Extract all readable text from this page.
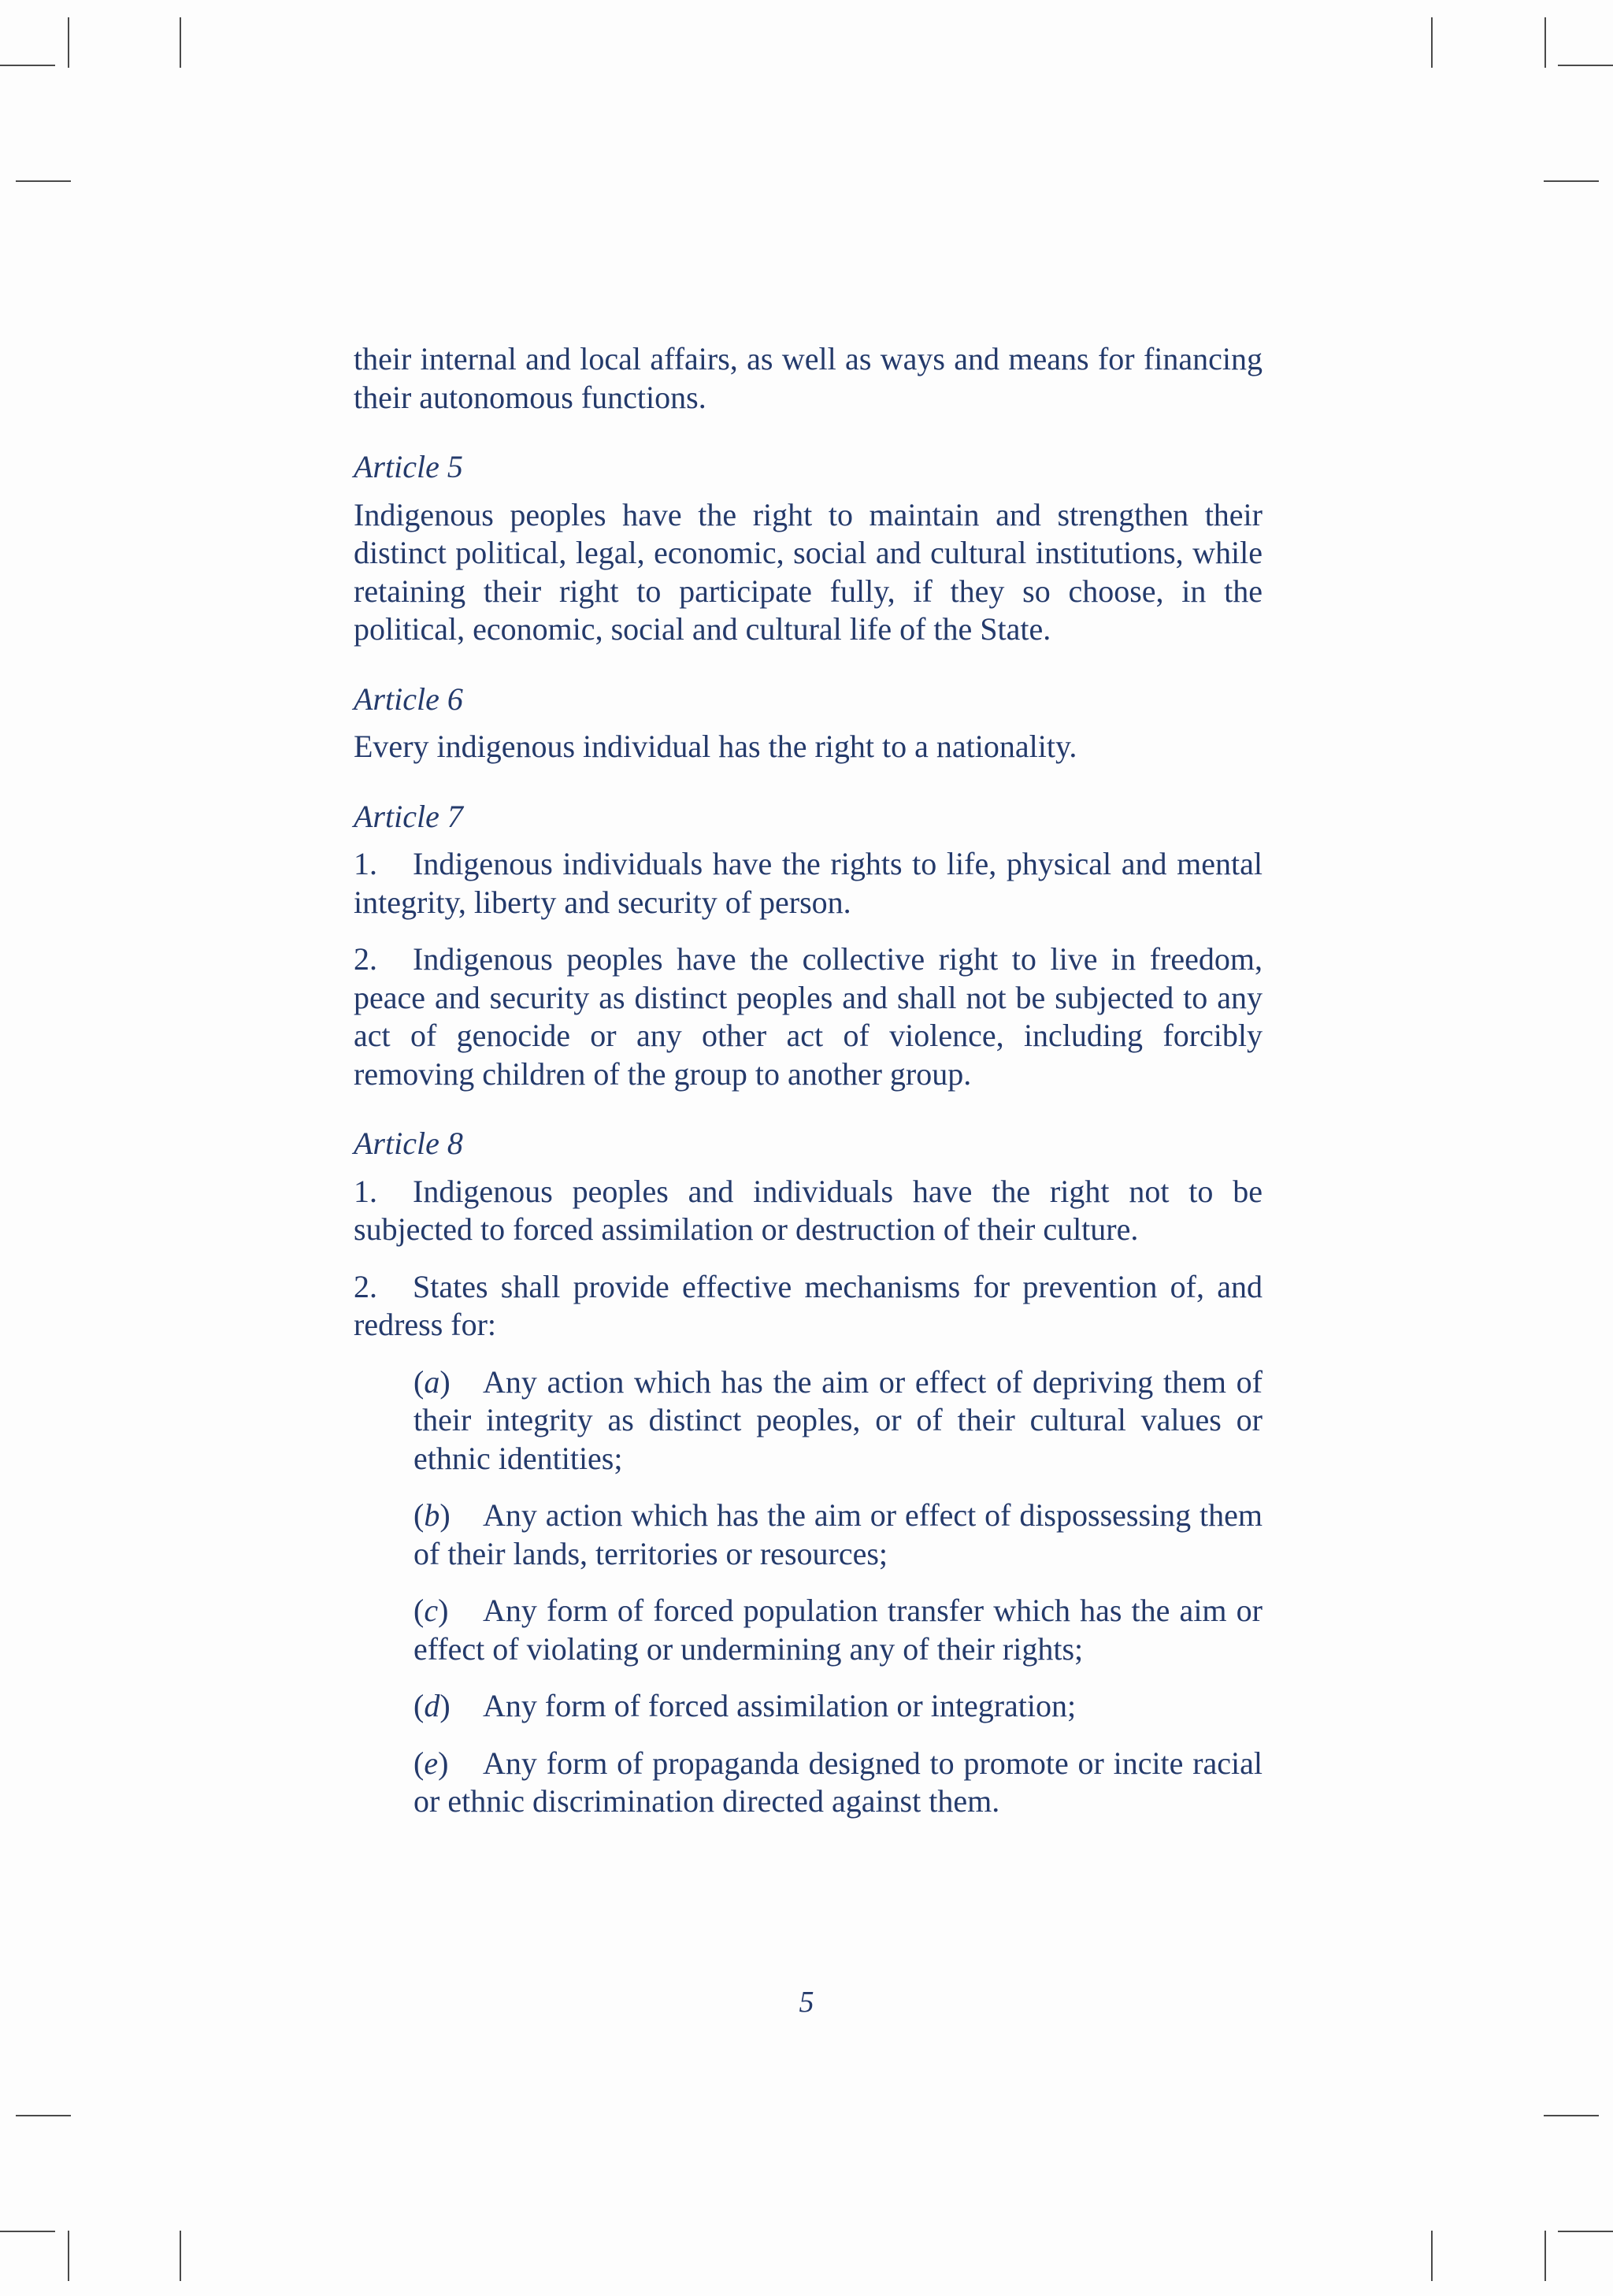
their internal and local affairs, as well as ways and means for financing their autonomous functions.

Article 5

Indigenous peoples have the right to maintain and strengthen their distinct political, legal, economic, social and cultural institutions, while retaining their right to participate fully, if they so choose, in the political, economic, social and cultural life of the State.

Article 6

Every indigenous individual has the right to a nationality.

Article 7

1. Indigenous individuals have the rights to life, physical and mental integrity, liberty and security of person.

2. Indigenous peoples have the collective right to live in freedom, peace and security as distinct peoples and shall not be subjected to any act of genocide or any other act of violence, including forcibly removing children of the group to another group.

Article 8

1. Indigenous peoples and individuals have the right not to be subjected to forced assimilation or destruction of their culture.

2. States shall provide effective mechanisms for prevention of, and redress for:

(a) Any action which has the aim or effect of depriving them of their integrity as distinct peoples, or of their cultural values or ethnic identities;

(b) Any action which has the aim or effect of dispossessing them of their lands, territories or resources;

(c) Any form of forced population transfer which has the aim or effect of violating or undermining any of their rights;

(d) Any form of forced assimilation or integration;

(e) Any form of propaganda designed to promote or incite racial or ethnic discrimination directed against them.

5
